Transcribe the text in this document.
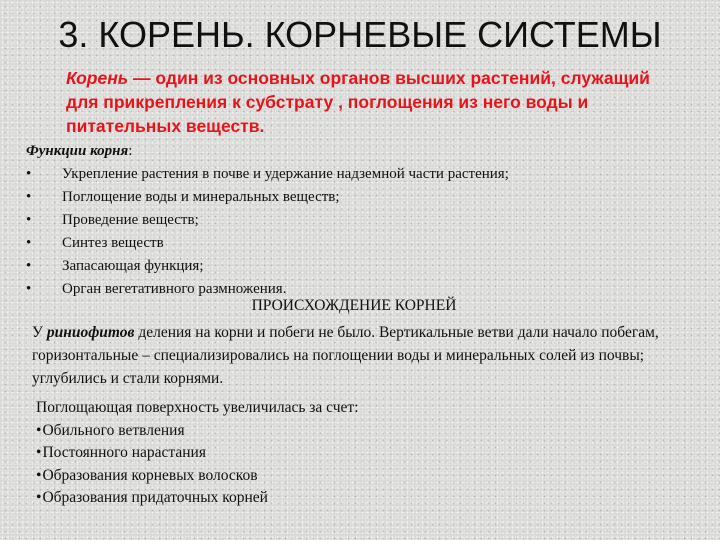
3. КОРЕНЬ. КОРНЕВЫЕ СИСТЕМЫ
Корень — один из основных органов высших растений, служащий для прикрепления к субстрату , поглощения из него воды и питательных веществ.
Функции корня:
• Укрепление растения в почве и удержание надземной части растения;
• Поглощение воды и минеральных веществ;
• Проведение веществ;
• Синтез веществ
• Запасающая функция;
• Орган вегетативного размножения.
ПРОИСХОЖДЕНИЕ КОРНЕЙ
У риниофитов деления на корни и побеги не было. Вертикальные ветви дали начало побегам, горизонтальные – специализировались на поглощении воды и минеральных солей из почвы; углубились и стали корнями.
Поглощающая поверхность увеличилась за счет:
•Обильного ветвления
•Постоянного нарастания
•Образования корневых волосков
•Образования придаточных корней
